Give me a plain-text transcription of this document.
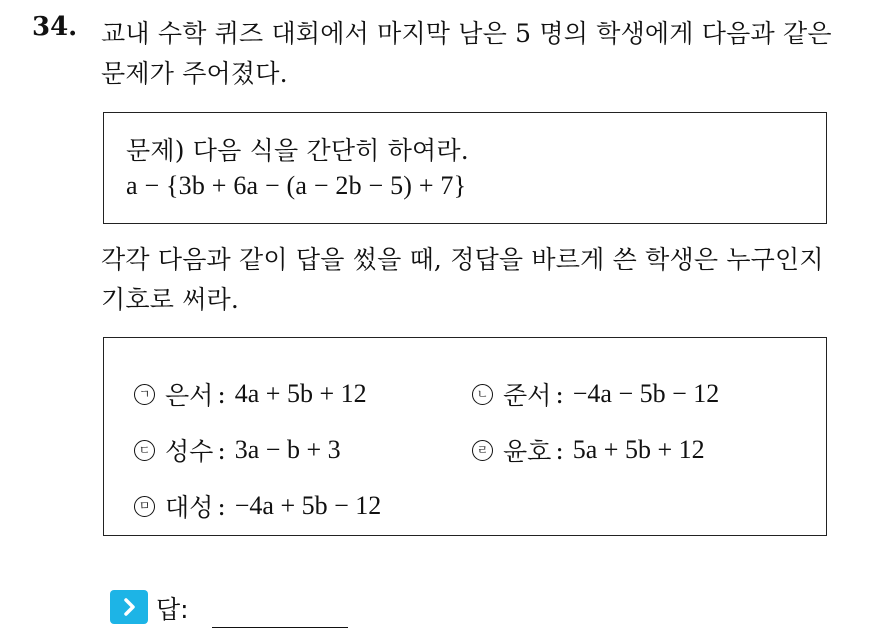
34. 교내 수학 퀴즈 대회에서 마지막 남은 5 명의 학생에게 다음과 같은
문제가 주어졌다.
문제) 다음 식을 간단히 하여라.
a − {3b + 6a − (a − 2b − 5) + 7}
각각 다음과 같이 답을 썼을 때, 정답을 바르게 쓴 학생은 누구인지
기호로 써라.
ㄱ 은서 : 4a + 5b + 12	ㄴ 준서 : −4a − 5b − 12
ㄷ 성수 : 3a − b + 3	ㄹ 윤호 : 5a + 5b + 12
ㅁ 대성 : −4a + 5b − 12
답:
